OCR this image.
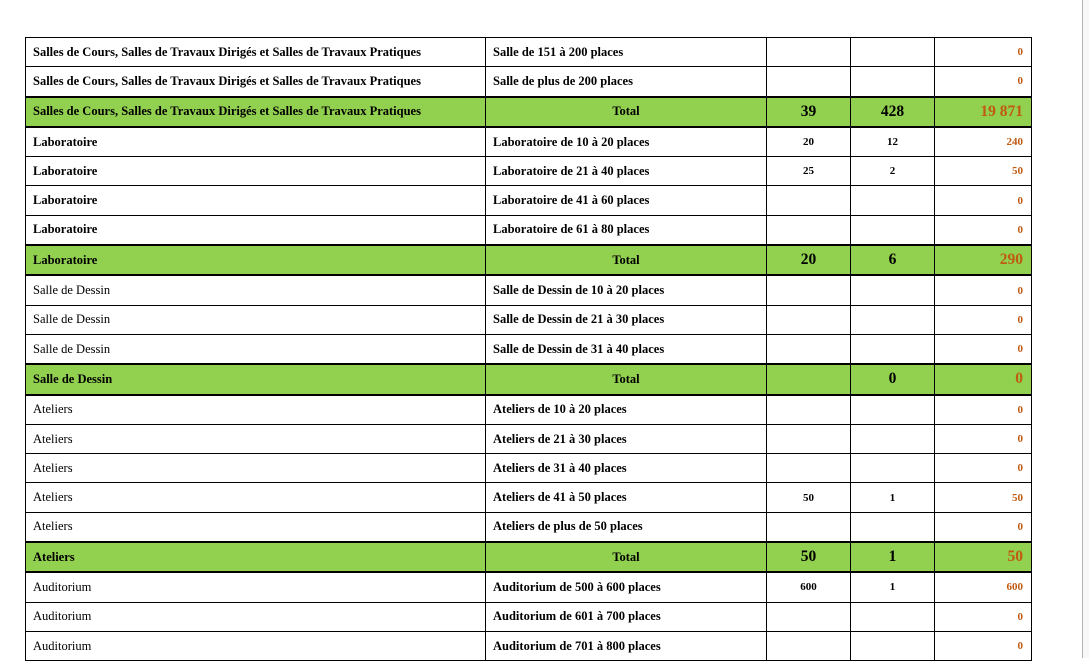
Salles de Cours, Salles de Travaux Dirigés et Salles de Travaux Pratiques	Salle de 151 à 200 places			0
Salles de Cours, Salles de Travaux Dirigés et Salles de Travaux Pratiques	Salle de plus de 200 places			0
Salles de Cours, Salles de Travaux Dirigés et Salles de Travaux Pratiques	Total	39	428	19 871
Laboratoire	Laboratoire de 10 à 20 places	20	12	240
Laboratoire	Laboratoire de 21 à 40 places	25	2	50
Laboratoire	Laboratoire de 41 à 60 places			0
Laboratoire	Laboratoire de 61 à 80 places			0
Laboratoire	Total	20	6	290
Salle de Dessin	Salle de Dessin de 10 à 20 places			0
Salle de Dessin	Salle de Dessin de 21 à 30 places			0
Salle de Dessin	Salle de Dessin de 31 à 40 places			0
Salle de Dessin	Total		0	0
Ateliers	Ateliers de 10 à 20 places			0
Ateliers	Ateliers de 21 à 30 places			0
Ateliers	Ateliers de 31 à 40 places			0
Ateliers	Ateliers de 41 à 50 places	50	1	50
Ateliers	Ateliers de plus de 50 places			0
Ateliers	Total	50	1	50
Auditorium	Auditorium de 500 à 600 places	600	1	600
Auditorium	Auditorium de 601 à 700 places			0
Auditorium	Auditorium de 701 à 800 places			0
